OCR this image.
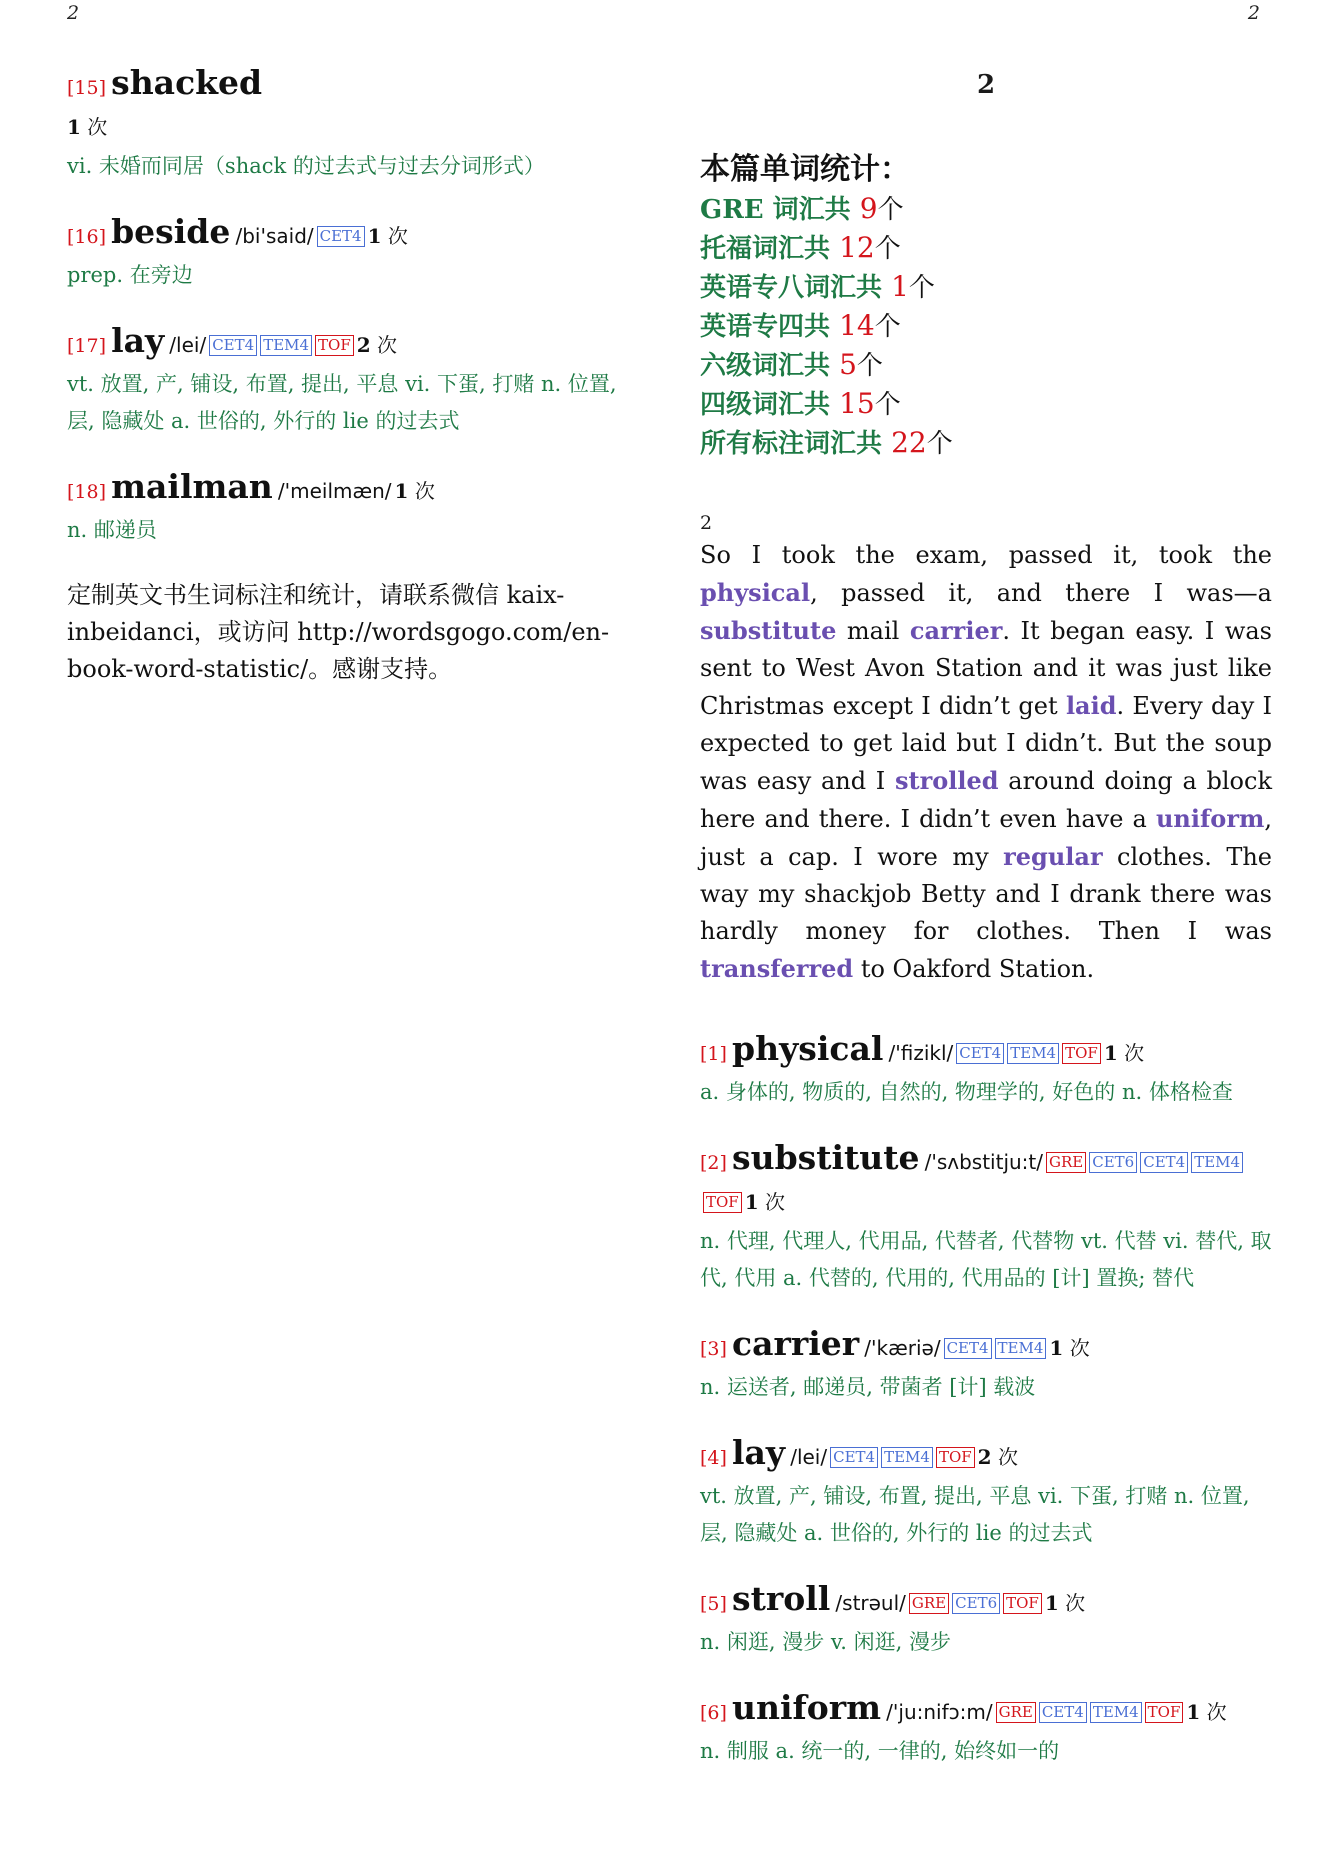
2	2
[15] shacked
1 次
vi. 未婚而同居（shack 的过去式与过去分词形式）
[16] beside /bi'said/ CET4 1 次
prep. 在旁边
[17] lay /lei/ CET4 TEM4 TOF 2 次
vt. 放置, 产, 铺设, 布置, 提出, 平息 vi. 下蛋, 打赌 n. 位置, 层, 隐藏处 a. 世俗的, 外行的 lie 的过去式
[18] mailman /'meilmæn/ 1 次
n. 邮递员
定制英文书生词标注和统计，请联系微信 kaix-inbeidanci，或访问 http://wordsgogo.com/en-book-word-statistic/。感谢支持。
2
本篇单词统计：
GRE 词汇共 9个
托福词汇共 12个
英语专八词汇共 1个
英语专四共 14个
六级词汇共 5个
四级词汇共 15个
所有标注词汇共 22个
2
So I took the exam, passed it, took the physical, passed it, and there I was—a substitute mail carrier. It began easy. I was sent to West Avon Station and it was just like Christmas except I didn’t get laid. Every day I expected to get laid but I didn’t. But the soup was easy and I strolled around doing a block here and there. I didn’t even have a uniform, just a cap. I wore my regular clothes. The way my shackjob Betty and I drank there was hardly money for clothes. Then I was transferred to Oakford Station.
[1] physical /'fizikl/ CET4 TEM4 TOF 1 次
a. 身体的, 物质的, 自然的, 物理学的, 好色的 n. 体格检查
[2] substitute /'sʌbstitju:t/ GRE CET6 CET4 TEM4TOF 1 次
n. 代理, 代理人, 代用品, 代替者, 代替物 vt. 代替 vi. 替代, 取代, 代用 a. 代替的, 代用的, 代用品的 [计] 置换; 替代
[3] carrier /'kæriə/ CET4 TEM4 1 次
n. 运送者, 邮递员, 带菌者 [计] 载波
[4] lay /lei/ CET4 TEM4 TOF 2 次
vt. 放置, 产, 铺设, 布置, 提出, 平息 vi. 下蛋, 打赌 n. 位置, 层, 隐藏处 a. 世俗的, 外行的 lie 的过去式
[5] stroll /strəul/ GRE CET6 TOF 1 次
n. 闲逛, 漫步 v. 闲逛, 漫步
[6] uniform /'ju:nifɔ:m/ GRE CET4 TEM4 TOF 1 次
n. 制服 a. 统一的, 一律的, 始终如一的
